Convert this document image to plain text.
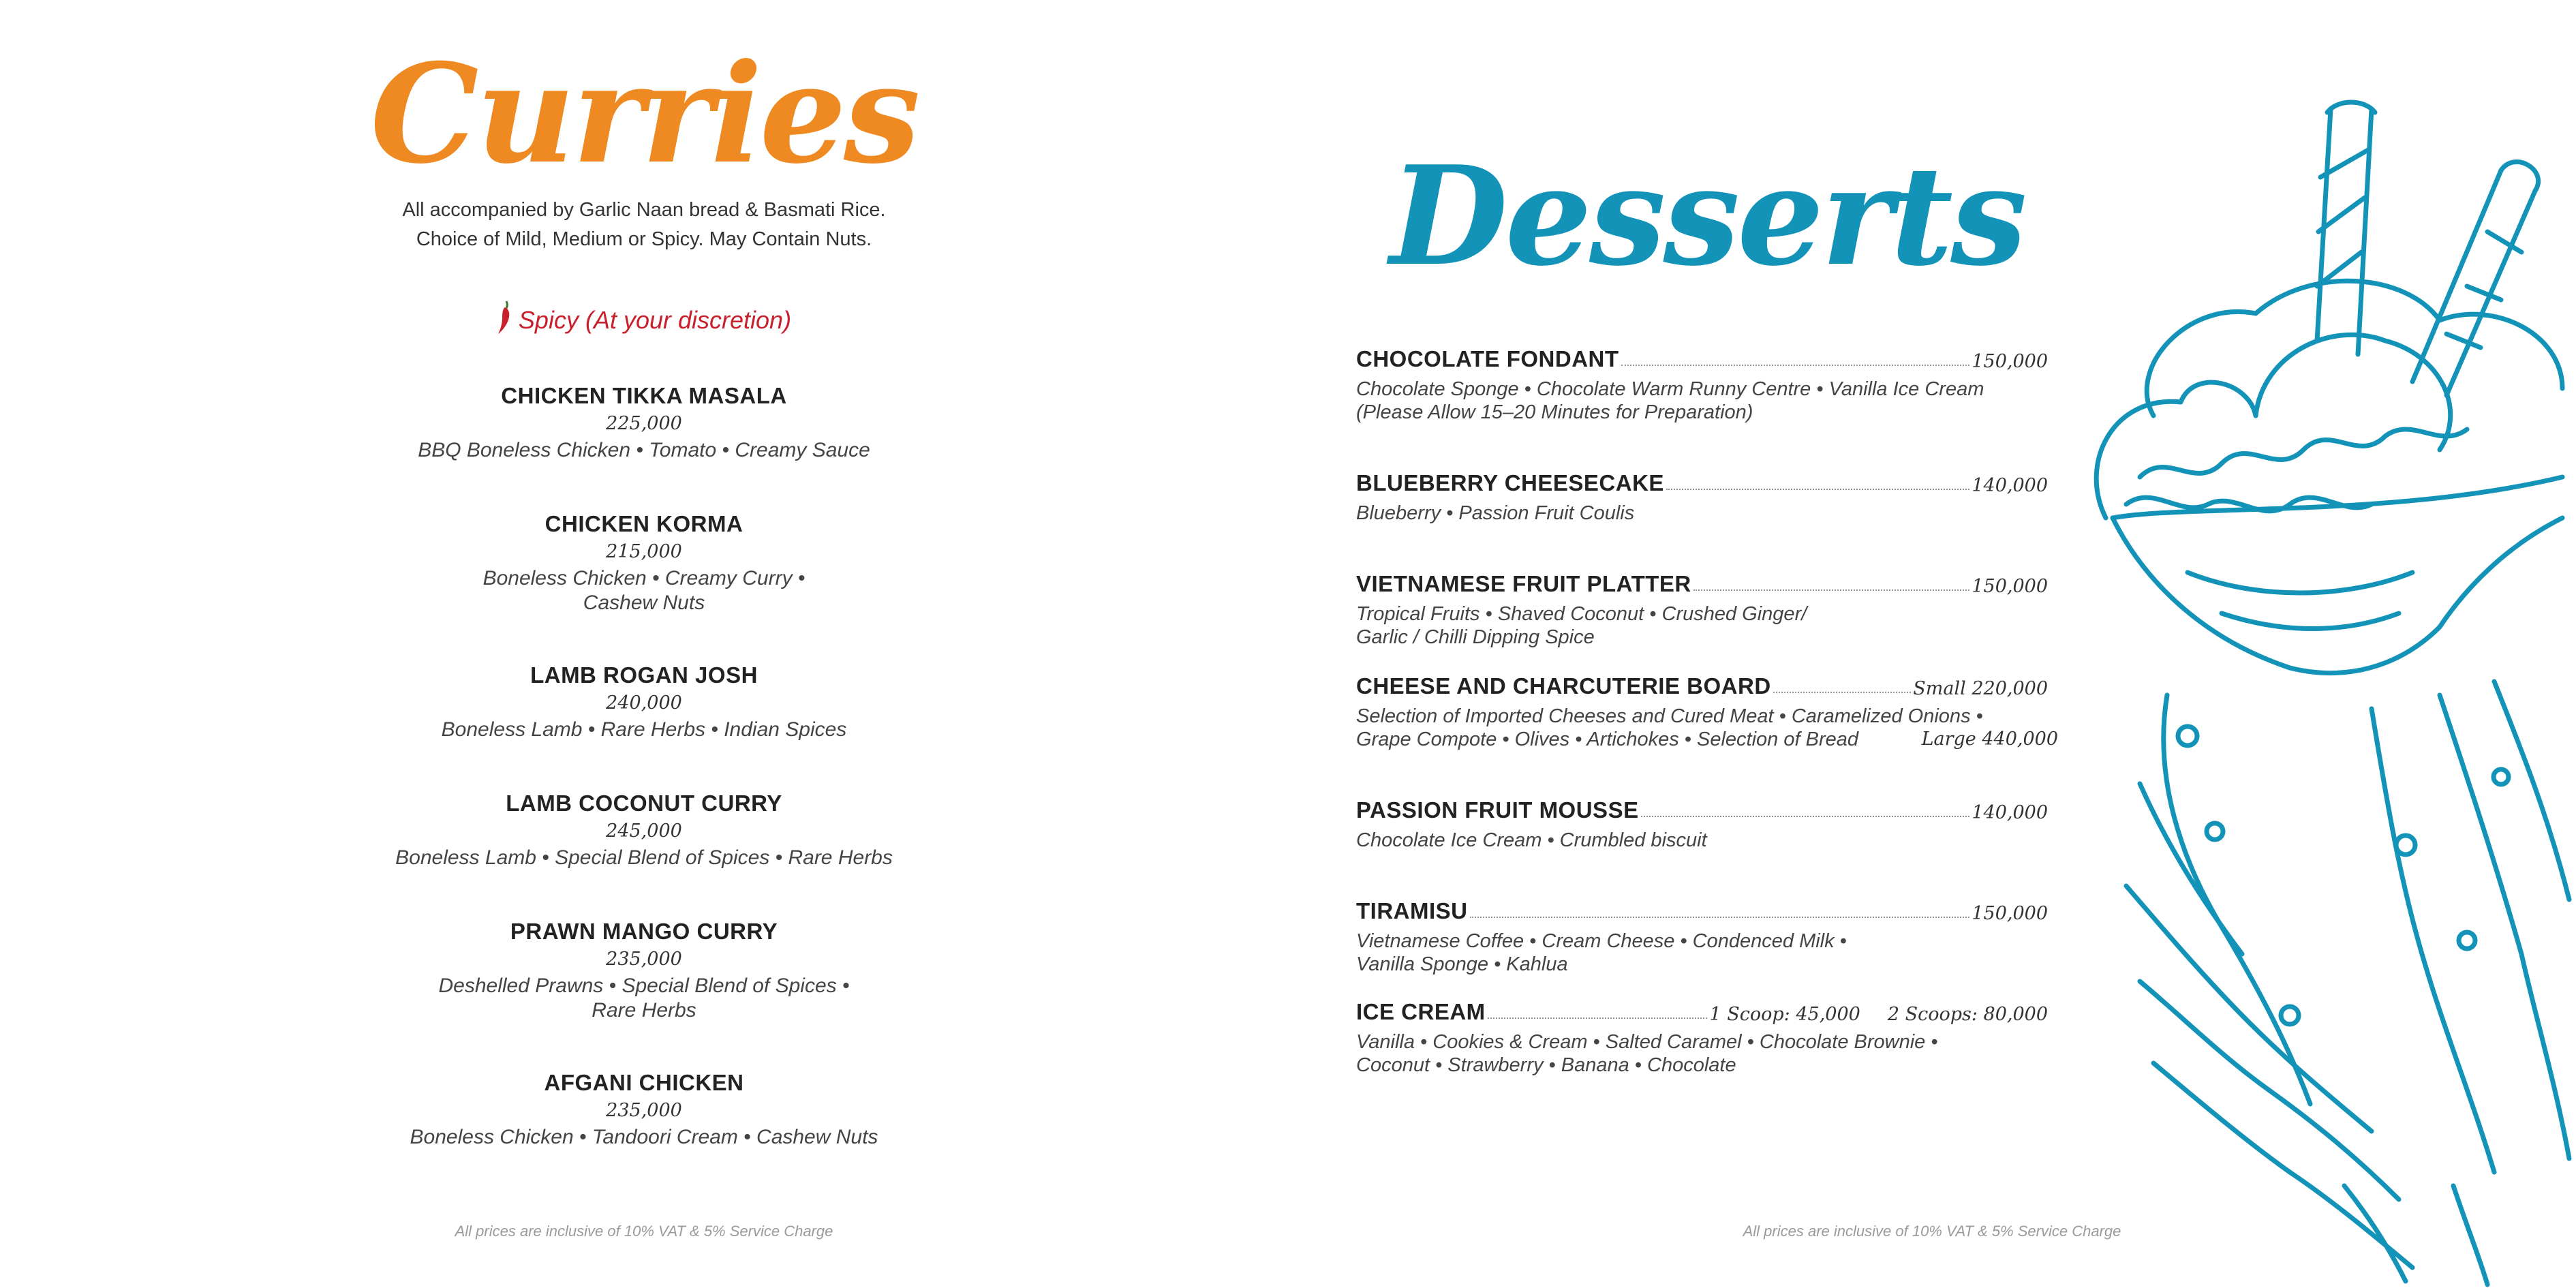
Curries
All accompanied by Garlic Naan bread & Basmati Rice.
Choice of Mild, Medium or Spicy. May Contain Nuts.
Spicy (At your discretion)
CHICKEN TIKKA MASALA
225,000
BBQ Boneless Chicken • Tomato • Creamy Sauce
CHICKEN KORMA
215,000
Boneless Chicken • Creamy Curry •
Cashew Nuts
LAMB ROGAN JOSH
240,000
Boneless Lamb • Rare Herbs • Indian Spices
LAMB COCONUT CURRY
245,000
Boneless Lamb • Special Blend of Spices • Rare Herbs
PRAWN MANGO CURRY
235,000
Deshelled Prawns • Special Blend of Spices •
Rare Herbs
AFGANI CHICKEN
235,000
Boneless Chicken • Tandoori Cream • Cashew Nuts
All prices are inclusive of 10% VAT & 5% Service Charge
Desserts
CHOCOLATE FONDANT	150,000
Chocolate Sponge • Chocolate Warm Runny Centre • Vanilla Ice Cream
(Please Allow 15–20 Minutes for Preparation)
BLUEBERRY CHEESECAKE	140,000
Blueberry • Passion Fruit Coulis
VIETNAMESE FRUIT PLATTER	150,000
Tropical Fruits • Shaved Coconut • Crushed Ginger/
Garlic / Chilli Dipping Spice
CHEESE AND CHARCUTERIE BOARD	Small 220,000
Selection of Imported Cheeses and Cured Meat • Caramelized Onions •
Grape Compote • Olives • Artichokes • Selection of Bread	Large 440,000
PASSION FRUIT MOUSSE	140,000
Chocolate Ice Cream • Crumbled biscuit
TIRAMISU	150,000
Vietnamese Coffee • Cream Cheese • Condenced Milk •
Vanilla Sponge • Kahlua
ICE CREAM	1 Scoop: 45,000 2 Scoops: 80,000
Vanilla • Cookies & Cream • Salted Caramel • Chocolate Brownie •
Coconut • Strawberry • Banana • Chocolate
All prices are inclusive of 10% VAT & 5% Service Charge
